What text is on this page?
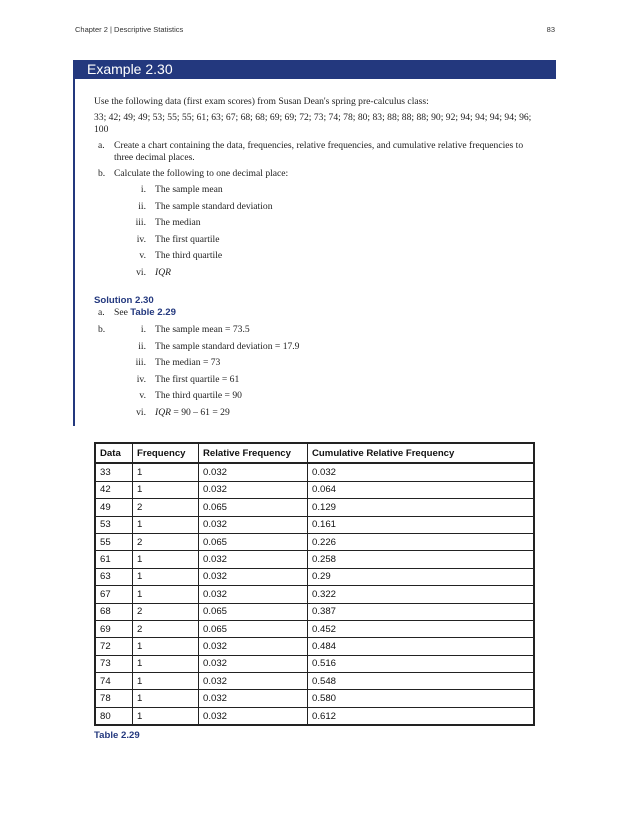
Chapter 2 | Descriptive Statistics	83
Example 2.30

Use the following data (first exam scores) from Susan Dean's spring pre-calculus class:

33; 42; 49; 49; 53; 55; 55; 61; 63; 67; 68; 68; 69; 69; 72; 73; 74; 78; 80; 83; 88; 88; 88; 90; 92; 94; 94; 94; 94; 96; 100

a. Create a chart containing the data, frequencies, relative frequencies, and cumulative relative frequencies to three decimal places.
b. Calculate the following to one decimal place:
i. The sample mean
ii. The sample standard deviation
iii. The median
iv. The first quartile
v. The third quartile
vi. IQR
Solution 2.30
a. See Table 2.29
b.	i. The sample mean = 73.5
ii. The sample standard deviation = 17.9
iii. The median = 73
iv. The first quartile = 61
v. The third quartile = 90
vi. IQR = 90 – 61 = 29
Data	Frequency	Relative Frequency	Cumulative Relative Frequency
33	1	0.032	0.032
42	1	0.032	0.064
49	2	0.065	0.129
53	1	0.032	0.161
55	2	0.065	0.226
61	1	0.032	0.258
63	1	0.032	0.29
67	1	0.032	0.322
68	2	0.065	0.387
69	2	0.065	0.452
72	1	0.032	0.484
73	1	0.032	0.516
74	1	0.032	0.548
78	1	0.032	0.580
80	1	0.032	0.612
Table 2.29
